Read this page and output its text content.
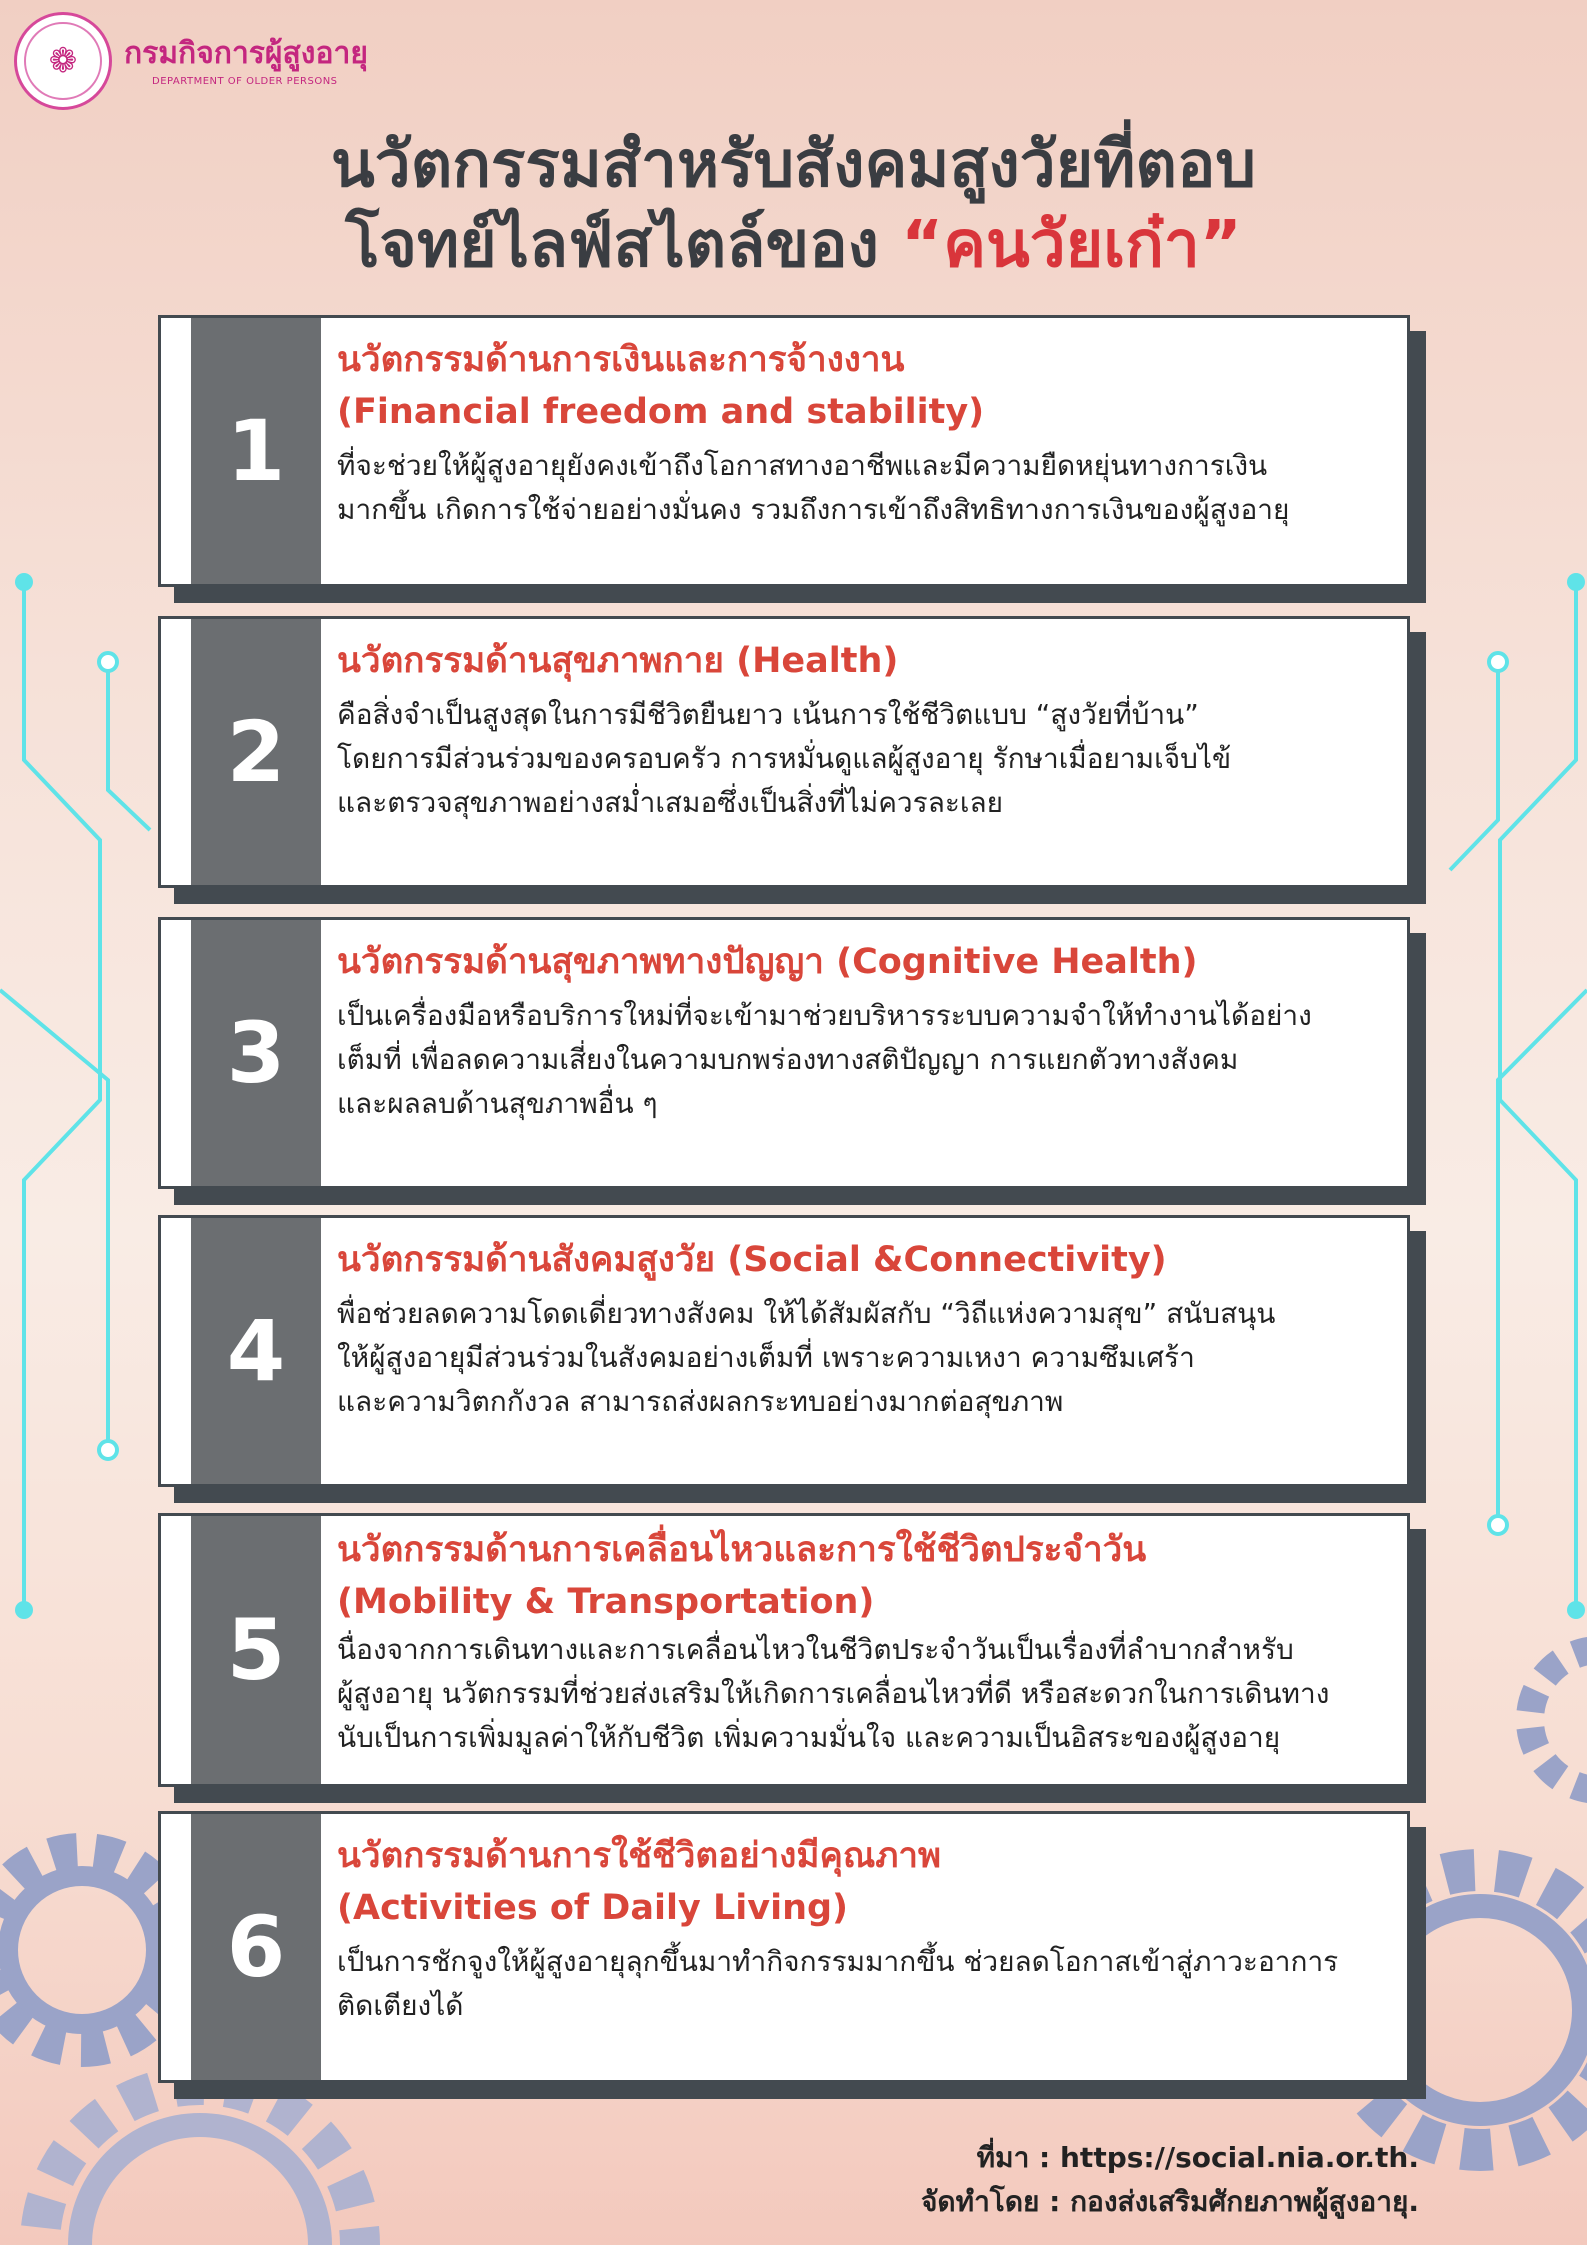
❁	กรมกิจการผู้สูงอายุ
DEPARTMENT OF OLDER PERSONS
นวัตกรรมสำหรับสังคมสูงวัยที่ตอบ
โจทย์ไลฟ์สไตล์ของ “คนวัยเก๋า”
1

นวัตกรรมด้านการเงินและการจ้างงาน

(Financial freedom and stability)

ที่จะช่วยให้ผู้สูงอายุยังคงเข้าถึงโอกาสทางอาชีพและมีความยืดหยุ่นทางการเงิน
มากขึ้น เกิดการใช้จ่ายอย่างมั่นคง รวมถึงการเข้าถึงสิทธิทางการเงินของผู้สูงอายุ

2

นวัตกรรมด้านสุขภาพกาย (Health)

คือสิ่งจำเป็นสูงสุดในการมีชีวิตยืนยาว เน้นการใช้ชีวิตแบบ “สูงวัยที่บ้าน”
โดยการมีส่วนร่วมของครอบครัว การหมั่นดูแลผู้สูงอายุ รักษาเมื่อยามเจ็บไข้
และตรวจสุขภาพอย่างสม่ำเสมอซึ่งเป็นสิ่งที่ไม่ควรละเลย

3

นวัตกรรมด้านสุขภาพทางปัญญา (Cognitive Health)

เป็นเครื่องมือหรือบริการใหม่ที่จะเข้ามาช่วยบริหารระบบความจำให้ทำงานได้อย่าง
เต็มที่ เพื่อลดความเสี่ยงในความบกพร่องทางสติปัญญา การแยกตัวทางสังคม
และผลลบด้านสุขภาพอื่น ๆ

4

นวัตกรรมด้านสังคมสูงวัย (Social &Connectivity)

พื่อช่วยลดความโดดเดี่ยวทางสังคม ให้ได้สัมผัสกับ “วิถีแห่งความสุข” สนับสนุน
ให้ผู้สูงอายุมีส่วนร่วมในสังคมอย่างเต็มที่ เพราะความเหงา ความซึมเศร้า
และความวิตกกังวล สามารถส่งผลกระทบอย่างมากต่อสุขภาพ

5

นวัตกรรมด้านการเคลื่อนไหวและการใช้ชีวิตประจำวัน

(Mobility & Transportation)

นื่องจากการเดินทางและการเคลื่อนไหวในชีวิตประจำวันเป็นเรื่องที่ลำบากสำหรับ
ผู้สูงอายุ นวัตกรรมที่ช่วยส่งเสริมให้เกิดการเคลื่อนไหวที่ดี หรือสะดวกในการเดินทาง
นับเป็นการเพิ่มมูลค่าให้กับชีวิต เพิ่มความมั่นใจ และความเป็นอิสระของผู้สูงอายุ

6

นวัตกรรมด้านการใช้ชีวิตอย่างมีคุณภาพ

(Activities of Daily Living)

เป็นการชักจูงให้ผู้สูงอายุลุกขึ้นมาทำกิจกรรมมากขึ้น ช่วยลดโอกาสเข้าสู่ภาวะอาการ
ติดเตียงได้

ที่มา : https://social.nia.or.th.
จัดทำโดย : กองส่งเสริมศักยภาพผู้สูงอายุ.
